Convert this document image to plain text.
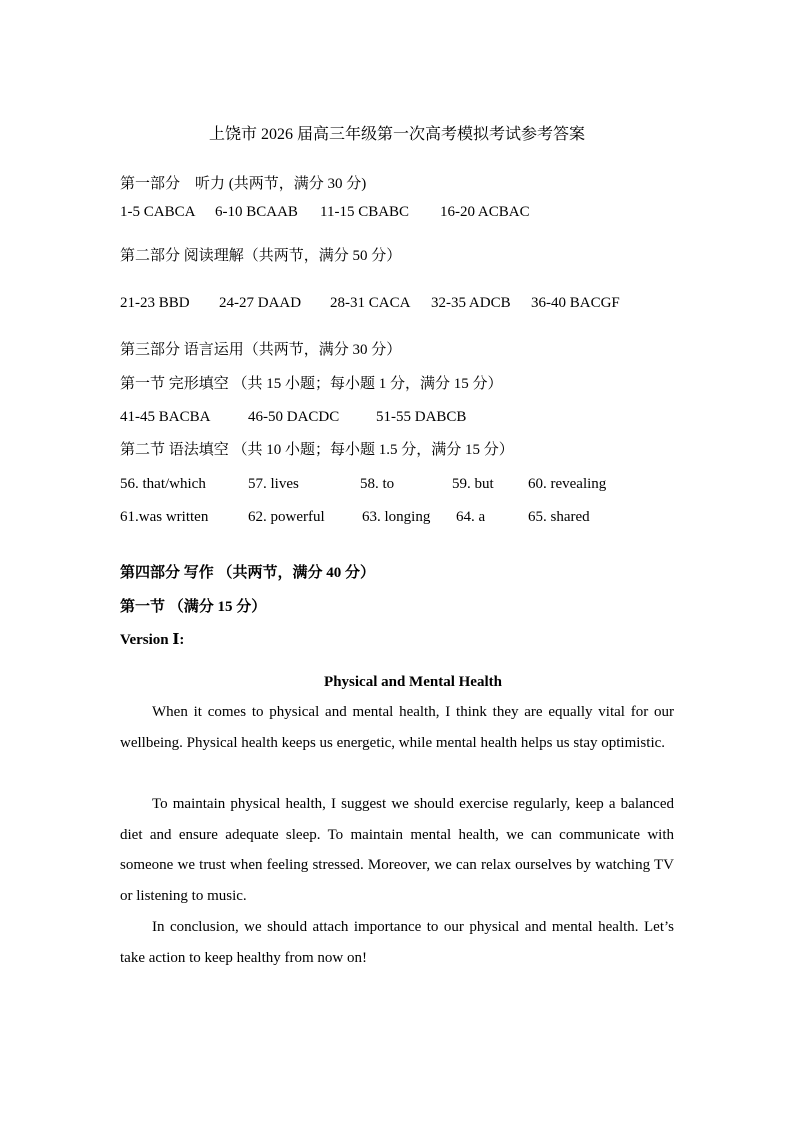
上饶市 2026 届高三年级第一次高考模拟考试参考答案
第一部分　听力 (共两节，满分 30 分)
1-5 CABCA 6-10 BCAAB 11-15 CBABC 16-20 ACBAC
第二部分 阅读理解（共两节，满分 50 分）
21-23 BBD 24-27 DAAD 28-31 CACA 32-35 ADCB 36-40 BACGF
第三部分 语言运用（共两节，满分 30 分）
第一节 完形填空 （共 15 小题；每小题 1 分，满分 15 分）
41-45 BACBA	46-50 DACDC 51-55 DABCB
第二节 语法填空 （共 10 小题；每小题 1.5 分，满分 15 分）
56. that/which	57. lives	58. to	59. but 60. revealing
61.was written	62. powerful 63. longing 64. a	65. shared
第四部分 写作 （共两节，满分 40 分）
第一节 （满分 15 分）
Version Ⅰ:
Physical and Mental Health

When it comes to physical and mental health, I think they are equally vital for our wellbeing. Physical health keeps us energetic, while mental health helps us stay optimistic.

To maintain physical health, I suggest we should exercise regularly, keep a balanced diet and ensure adequate sleep. To maintain mental health, we can communicate with someone we trust when feeling stressed. Moreover, we can relax ourselves by watching TV or listening to music.

In conclusion, we should attach importance to our physical and mental health. Let’s take action to keep healthy from now on!
